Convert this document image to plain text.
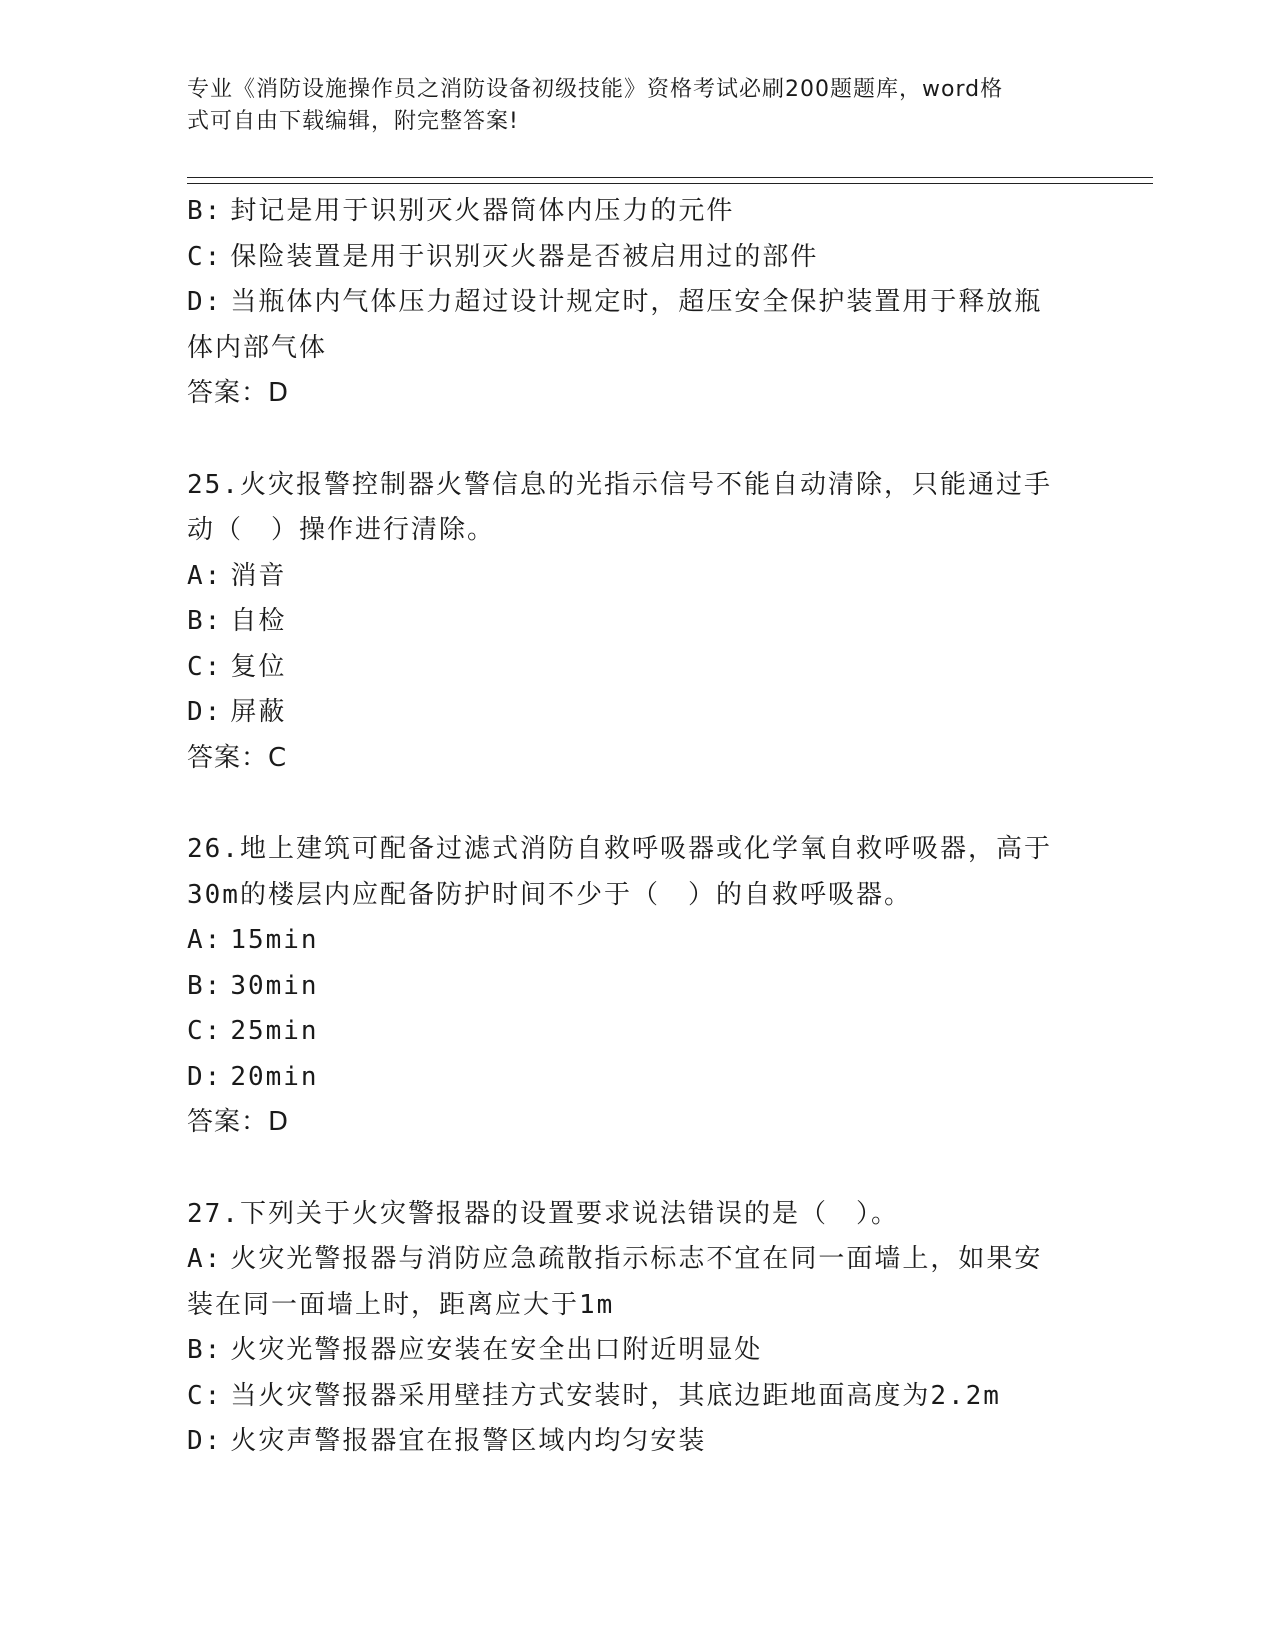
专业《消防设施操作员之消防设备初级技能》资格考试必刷200题题库，word格
式可自由下载编辑，附完整答案!
B: 封记是用于识别灭火器筒体内压力的元件
C: 保险装置是用于识别灭火器是否被启用过的部件
D: 当瓶体内气体压力超过设计规定时，超压安全保护装置用于释放瓶
体内部气体
答案：D
25.火灾报警控制器火警信息的光指示信号不能自动清除，只能通过手
动（　）操作进行清除。
A: 消音
B: 自检
C: 复位
D: 屏蔽
答案：C
26.地上建筑可配备过滤式消防自救呼吸器或化学氧自救呼吸器，高于
30m的楼层内应配备防护时间不少于（　）的自救呼吸器。
A: 15min
B: 30min
C: 25min
D: 20min
答案：D
27.下列关于火灾警报器的设置要求说法错误的是（　）。
A: 火灾光警报器与消防应急疏散指示标志不宜在同一面墙上，如果安
装在同一面墙上时，距离应大于1m
B: 火灾光警报器应安装在安全出口附近明显处
C: 当火灾警报器采用壁挂方式安装时，其底边距地面高度为2.2m
D: 火灾声警报器宜在报警区域内均匀安装
